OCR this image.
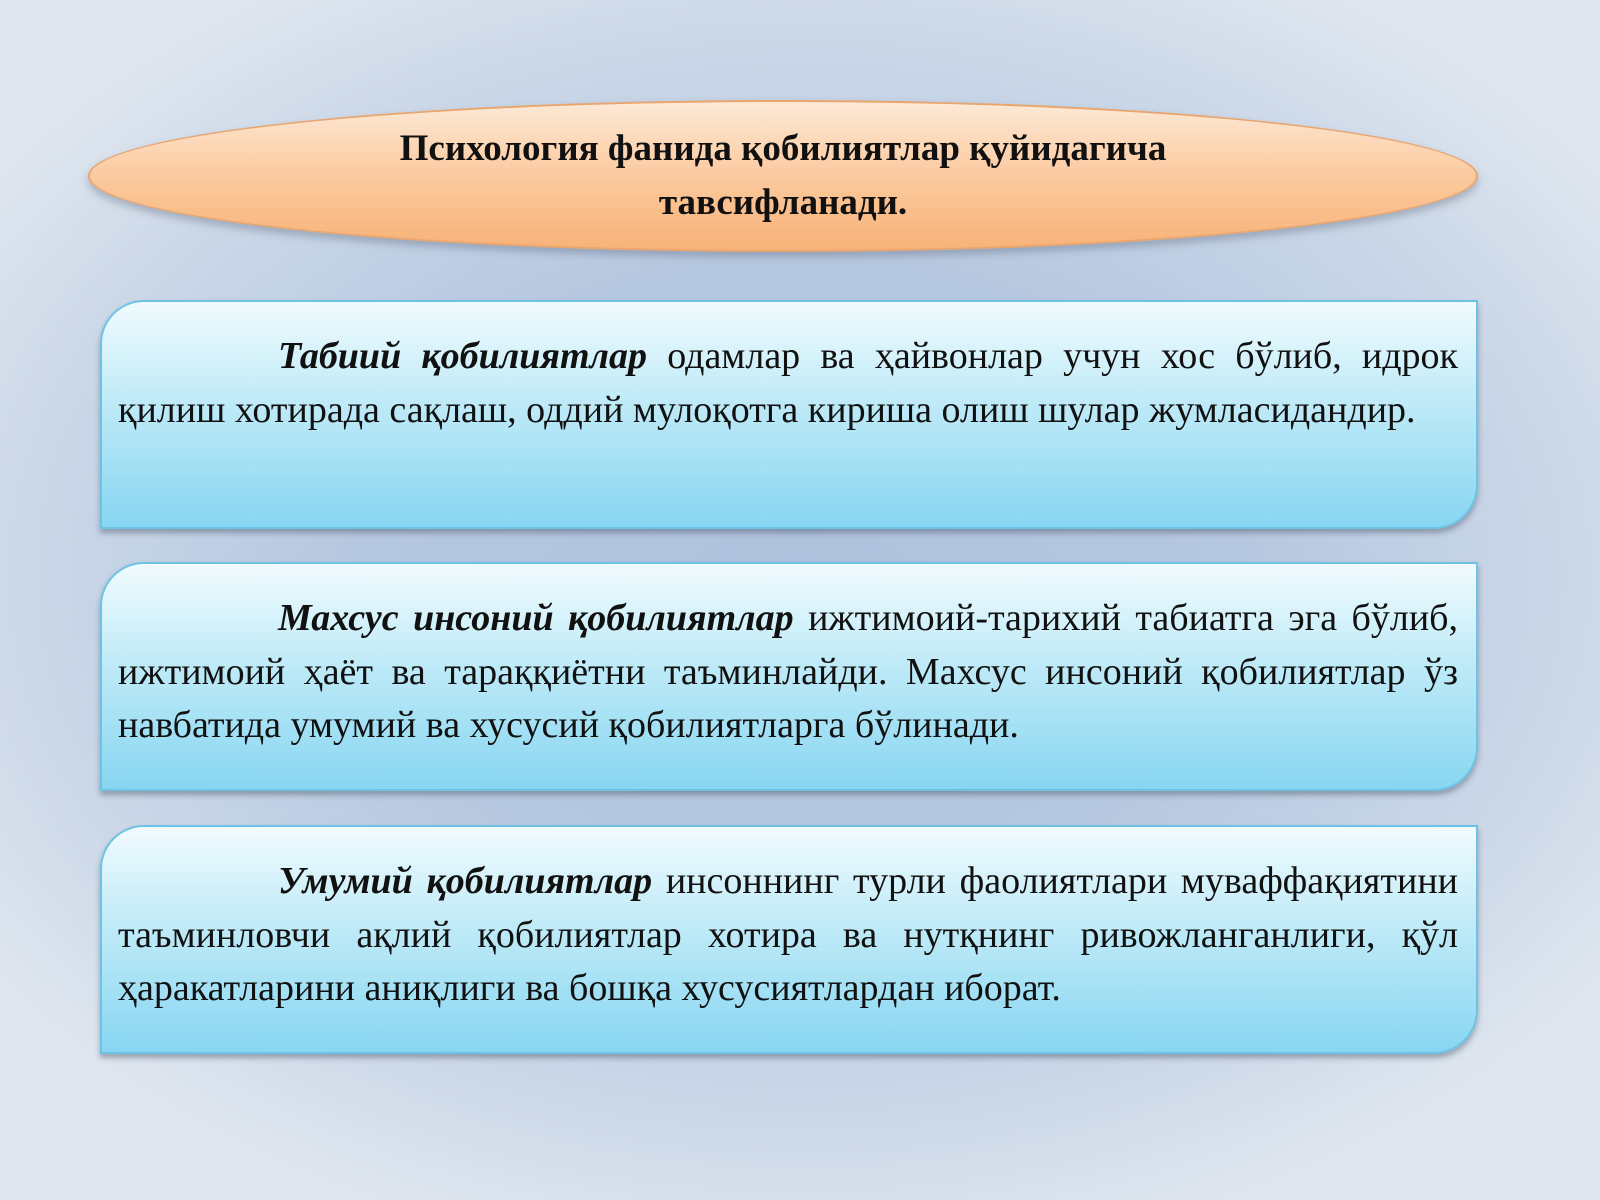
Психология фанида қобилиятлар қуйидагича
тавсифланади.

Табиий қобилиятлар одамлар ва ҳайвонлар учун хос бўлиб, идрок қилиш хотирада сақлаш, оддий мулоқотга кириша олиш шулар жумласидандир.

Махсус инсоний қобилиятлар ижтимоий-тарихий табиатга эга бўлиб, ижтимоий ҳаёт ва тараққиётни таъминлайди. Махсус инсоний қобилиятлар ўз навбатида умумий ва хусусий қобилиятларга бўлинади.

Умумий қобилиятлар инсоннинг турли фаолиятлари муваффақиятини таъминловчи ақлий қобилиятлар хотира ва нутқнинг ривожланганлиги, қўл ҳаракатларини аниқлиги ва бошқа хусусиятлардан иборат.
